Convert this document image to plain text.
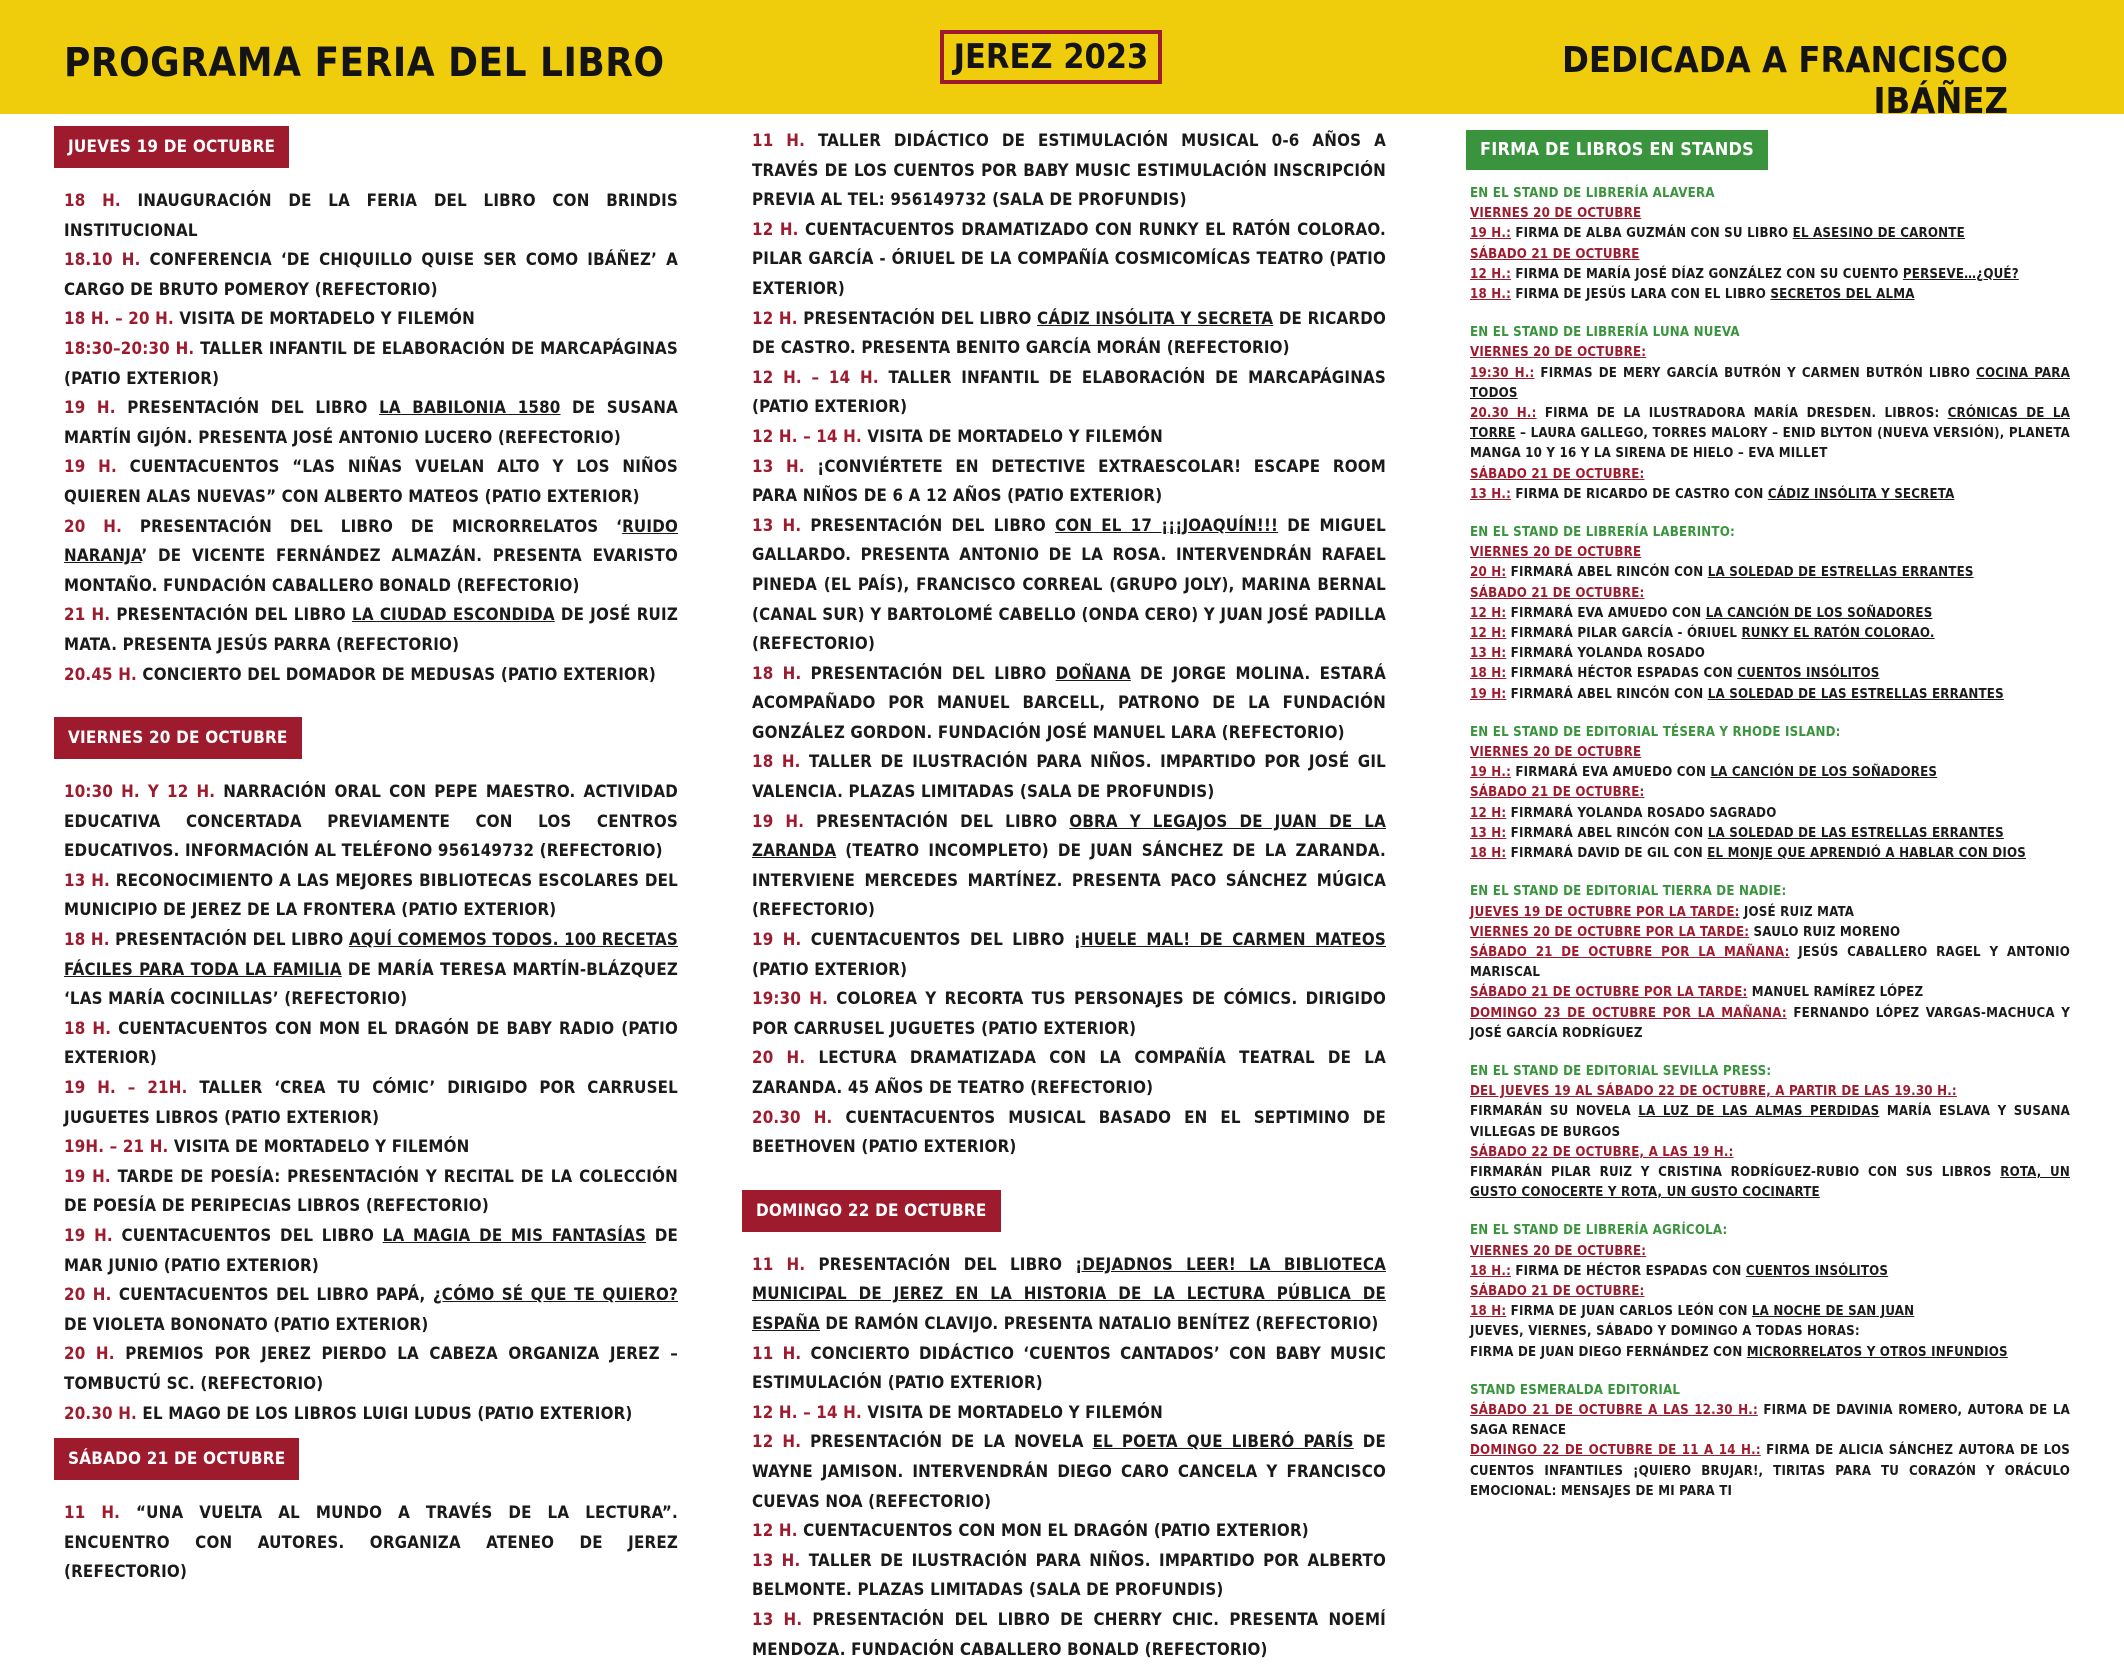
PROGRAMA FERIA DEL LIBRO	JEREZ 2023	DEDICADA A FRANCISCO IBÁÑEZ
JUEVES 19 DE OCTUBRE
18 H. INAUGURACIÓN DE LA FERIA DEL LIBRO CON BRINDIS INSTITUCIONAL
18.10 H. CONFERENCIA ‘DE CHIQUILLO QUISE SER COMO IBÁÑEZ’ A CARGO DE BRUTO POMEROY (REFECTORIO)
18 H. – 20 H. VISITA DE MORTADELO Y FILEMÓN
18:30–20:30 H. TALLER INFANTIL DE ELABORACIÓN DE MARCAPÁGINAS (PATIO EXTERIOR)
19 H. PRESENTACIÓN DEL LIBRO LA BABILONIA 1580 DE SUSANA MARTÍN GIJÓN. PRESENTA JOSÉ ANTONIO LUCERO (REFECTORIO)
19 H. CUENTACUENTOS “LAS NIÑAS VUELAN ALTO Y LOS NIÑOS QUIEREN ALAS NUEVAS” CON ALBERTO MATEOS (PATIO EXTERIOR)
20 H. PRESENTACIÓN DEL LIBRO DE MICRORRELATOS ‘RUIDO NARANJA’ DE VICENTE FERNÁNDEZ ALMAZÁN. PRESENTA EVARISTO MONTAÑO. FUNDACIÓN CABALLERO BONALD (REFECTORIO)
21 H. PRESENTACIÓN DEL LIBRO LA CIUDAD ESCONDIDA DE JOSÉ RUIZ MATA. PRESENTA JESÚS PARRA (REFECTORIO)
20.45 H. CONCIERTO DEL DOMADOR DE MEDUSAS (PATIO EXTERIOR)
VIERNES 20 DE OCTUBRE
10:30 H. Y 12 H. NARRACIÓN ORAL CON PEPE MAESTRO. ACTIVIDAD EDUCATIVA CONCERTADA PREVIAMENTE CON LOS CENTROS EDUCATIVOS. INFORMACIÓN AL TELÉFONO 956149732 (REFECTORIO)
13 H. RECONOCIMIENTO A LAS MEJORES BIBLIOTECAS ESCOLARES DEL MUNICIPIO DE JEREZ DE LA FRONTERA (PATIO EXTERIOR)
18 H. PRESENTACIÓN DEL LIBRO AQUÍ COMEMOS TODOS. 100 RECETAS FÁCILES PARA TODA LA FAMILIA DE MARÍA TERESA MARTÍN-BLÁZQUEZ ‘LAS MARÍA COCINILLAS’ (REFECTORIO)
18 H. CUENTACUENTOS CON MON EL DRAGÓN DE BABY RADIO (PATIO EXTERIOR)
19 H. – 21H. TALLER ‘CREA TU CÓMIC’ DIRIGIDO POR CARRUSEL JUGUETES LIBROS (PATIO EXTERIOR)
19H. – 21 H. VISITA DE MORTADELO Y FILEMÓN
19 H. TARDE DE POESÍA: PRESENTACIÓN Y RECITAL DE LA COLECCIÓN DE POESÍA DE PERIPECIAS LIBROS (REFECTORIO)
19 H. CUENTACUENTOS DEL LIBRO LA MAGIA DE MIS FANTASÍAS DE MAR JUNIO (PATIO EXTERIOR)
20 H. CUENTACUENTOS DEL LIBRO PAPÁ, ¿CÓMO SÉ QUE TE QUIERO? DE VIOLETA BONONATO (PATIO EXTERIOR)
20 H. PREMIOS POR JEREZ PIERDO LA CABEZA ORGANIZA JEREZ – TOMBUCTÚ SC. (REFECTORIO)
20.30 H. EL MAGO DE LOS LIBROS LUIGI LUDUS (PATIO EXTERIOR)
SÁBADO 21 DE OCTUBRE
11 H. “UNA VUELTA AL MUNDO A TRAVÉS DE LA LECTURA”. ENCUENTRO CON AUTORES. ORGANIZA ATENEO DE JEREZ (REFECTORIO)
11 H. TALLER DIDÁCTICO DE ESTIMULACIÓN MUSICAL 0-6 AÑOS A TRAVÉS DE LOS CUENTOS POR BABY MUSIC ESTIMULACIÓN INSCRIPCIÓN PREVIA AL TEL: 956149732 (SALA DE PROFUNDIS)
12 H. CUENTACUENTOS DRAMATIZADO CON RUNKY EL RATÓN COLORAO. PILAR GARCÍA - ÓRIUEL DE LA COMPAÑÍA COSMICOMÍCAS TEATRO (PATIO EXTERIOR)
12 H. PRESENTACIÓN DEL LIBRO CÁDIZ INSÓLITA Y SECRETA DE RICARDO DE CASTRO. PRESENTA BENITO GARCÍA MORÁN (REFECTORIO)
12 H. – 14 H. TALLER INFANTIL DE ELABORACIÓN DE MARCAPÁGINAS (PATIO EXTERIOR)
12 H. – 14 H. VISITA DE MORTADELO Y FILEMÓN
13 H. ¡CONVIÉRTETE EN DETECTIVE EXTRAESCOLAR! ESCAPE ROOM PARA NIÑOS DE 6 A 12 AÑOS (PATIO EXTERIOR)
13 H. PRESENTACIÓN DEL LIBRO CON EL 17 ¡¡¡JOAQUÍN!!! DE MIGUEL GALLARDO. PRESENTA ANTONIO DE LA ROSA. INTERVENDRÁN RAFAEL PINEDA (EL PAÍS), FRANCISCO CORREAL (GRUPO JOLY), MARINA BERNAL (CANAL SUR) Y BARTOLOMÉ CABELLO (ONDA CERO) Y JUAN JOSÉ PADILLA (REFECTORIO)
18 H. PRESENTACIÓN DEL LIBRO DOÑANA DE JORGE MOLINA. ESTARÁ ACOMPAÑADO POR MANUEL BARCELL, PATRONO DE LA FUNDACIÓN GONZÁLEZ GORDON. FUNDACIÓN JOSÉ MANUEL LARA (REFECTORIO)
18 H. TALLER DE ILUSTRACIÓN PARA NIÑOS. IMPARTIDO POR JOSÉ GIL VALENCIA. PLAZAS LIMITADAS (SALA DE PROFUNDIS)
19 H. PRESENTACIÓN DEL LIBRO OBRA Y LEGAJOS DE JUAN DE LA ZARANDA (TEATRO INCOMPLETO) DE JUAN SÁNCHEZ DE LA ZARANDA. INTERVIENE MERCEDES MARTÍNEZ. PRESENTA PACO SÁNCHEZ MÚGICA (REFECTORIO)
19 H. CUENTACUENTOS DEL LIBRO ¡HUELE MAL! DE CARMEN MATEOS (PATIO EXTERIOR)
19:30 H. COLOREA Y RECORTA TUS PERSONAJES DE CÓMICS. DIRIGIDO POR CARRUSEL JUGUETES (PATIO EXTERIOR)
20 H. LECTURA DRAMATIZADA CON LA COMPAÑÍA TEATRAL DE LA ZARANDA. 45 AÑOS DE TEATRO (REFECTORIO)
20.30 H. CUENTACUENTOS MUSICAL BASADO EN EL SEPTIMINO DE BEETHOVEN (PATIO EXTERIOR)
DOMINGO 22 DE OCTUBRE
11 H. PRESENTACIÓN DEL LIBRO ¡DEJADNOS LEER! LA BIBLIOTECA MUNICIPAL DE JEREZ EN LA HISTORIA DE LA LECTURA PÚBLICA DE ESPAÑA DE RAMÓN CLAVIJO. PRESENTA NATALIO BENÍTEZ (REFECTORIO)
11 H. CONCIERTO DIDÁCTICO ‘CUENTOS CANTADOS’ CON BABY MUSIC ESTIMULACIÓN (PATIO EXTERIOR)
12 H. – 14 H. VISITA DE MORTADELO Y FILEMÓN
12 H. PRESENTACIÓN DE LA NOVELA EL POETA QUE LIBERÓ PARÍS DE WAYNE JAMISON. INTERVENDRÁN DIEGO CARO CANCELA Y FRANCISCO CUEVAS NOA (REFECTORIO)
12 H. CUENTACUENTOS CON MON EL DRAGÓN (PATIO EXTERIOR)
13 H. TALLER DE ILUSTRACIÓN PARA NIÑOS. IMPARTIDO POR ALBERTO BELMONTE. PLAZAS LIMITADAS (SALA DE PROFUNDIS)
13 H. PRESENTACIÓN DEL LIBRO DE CHERRY CHIC. PRESENTA NOEMÍ MENDOZA. FUNDACIÓN CABALLERO BONALD (REFECTORIO)
FIRMA DE LIBROS EN STANDS
EN EL STAND DE LIBRERÍA ALAVERA
VIERNES 20 DE OCTUBRE
19 H.: FIRMA DE ALBA GUZMÁN CON SU LIBRO EL ASESINO DE CARONTE
SÁBADO 21 DE OCTUBRE
12 H.: FIRMA DE MARÍA JOSÉ DÍAZ GONZÁLEZ CON SU CUENTO PERSEVE…¿QUÉ?
18 H.: FIRMA DE JESÚS LARA CON EL LIBRO SECRETOS DEL ALMA
EN EL STAND DE LIBRERÍA LUNA NUEVA
VIERNES 20 DE OCTUBRE:
19:30 H.: FIRMAS DE MERY GARCÍA BUTRÓN Y CARMEN BUTRÓN LIBRO COCINA PARA TODOS
20.30 H.: FIRMA DE LA ILUSTRADORA MARÍA DRESDEN. LIBROS: CRÓNICAS DE LA TORRE – LAURA GALLEGO, TORRES MALORY – ENID BLYTON (NUEVA VERSIÓN), PLANETA MANGA 10 Y 16 Y LA SIRENA DE HIELO – EVA MILLET
SÁBADO 21 DE OCTUBRE:
13 H.: FIRMA DE RICARDO DE CASTRO CON CÁDIZ INSÓLITA Y SECRETA
EN EL STAND DE LIBRERÍA LABERINTO:
VIERNES 20 DE OCTUBRE
20 H: FIRMARÁ ABEL RINCÓN CON LA SOLEDAD DE ESTRELLAS ERRANTES
SÁBADO 21 DE OCTUBRE:
12 H: FIRMARÁ EVA AMUEDO CON LA CANCIÓN DE LOS SOÑADORES
12 H: FIRMARÁ PILAR GARCÍA - ÓRIUEL RUNKY EL RATÓN COLORAO.
13 H: FIRMARÁ YOLANDA ROSADO
18 H: FIRMARÁ HÉCTOR ESPADAS CON CUENTOS INSÓLITOS
19 H: FIRMARÁ ABEL RINCÓN CON LA SOLEDAD DE LAS ESTRELLAS ERRANTES
EN EL STAND DE EDITORIAL TÉSERA Y RHODE ISLAND:
VIERNES 20 DE OCTUBRE
19 H.: FIRMARÁ EVA AMUEDO CON LA CANCIÓN DE LOS SOÑADORES
SÁBADO 21 DE OCTUBRE:
12 H: FIRMARÁ YOLANDA ROSADO SAGRADO
13 H: FIRMARÁ ABEL RINCÓN CON LA SOLEDAD DE LAS ESTRELLAS ERRANTES
18 H: FIRMARÁ DAVID DE GIL CON EL MONJE QUE APRENDIÓ A HABLAR CON DIOS
EN EL STAND DE EDITORIAL TIERRA DE NADIE:
JUEVES 19 DE OCTUBRE POR LA TARDE: JOSÉ RUIZ MATA
VIERNES 20 DE OCTUBRE POR LA TARDE: SAULO RUIZ MORENO
SÁBADO 21 DE OCTUBRE POR LA MAÑANA: JESÚS CABALLERO RAGEL Y ANTONIO MARISCAL
SÁBADO 21 DE OCTUBRE POR LA TARDE: MANUEL RAMÍREZ LÓPEZ
DOMINGO 23 DE OCTUBRE POR LA MAÑANA: FERNANDO LÓPEZ VARGAS-MACHUCA Y JOSÉ GARCÍA RODRÍGUEZ
EN EL STAND DE EDITORIAL SEVILLA PRESS:
DEL JUEVES 19 AL SÁBADO 22 DE OCTUBRE, A PARTIR DE LAS 19.30 H.:
FIRMARÁN SU NOVELA LA LUZ DE LAS ALMAS PERDIDAS MARÍA ESLAVA Y SUSANA VILLEGAS DE BURGOS
SÁBADO 22 DE OCTUBRE, A LAS 19 H.:
FIRMARÁN PILAR RUIZ Y CRISTINA RODRÍGUEZ-RUBIO CON SUS LIBROS ROTA, UN GUSTO CONOCERTE Y ROTA, UN GUSTO COCINARTE
EN EL STAND DE LIBRERÍA AGRÍCOLA:
VIERNES 20 DE OCTUBRE:
18 H.: FIRMA DE HÉCTOR ESPADAS CON CUENTOS INSÓLITOS
SÁBADO 21 DE OCTUBRE:
18 H: FIRMA DE JUAN CARLOS LEÓN CON LA NOCHE DE SAN JUAN
JUEVES, VIERNES, SÁBADO Y DOMINGO A TODAS HORAS:
FIRMA DE JUAN DIEGO FERNÁNDEZ CON MICRORRELATOS Y OTROS INFUNDIOS
STAND ESMERALDA EDITORIAL
SÁBADO 21 DE OCTUBRE A LAS 12.30 H.: FIRMA DE DAVINIA ROMERO, AUTORA DE LA SAGA RENACE
DOMINGO 22 DE OCTUBRE DE 11 A 14 H.: FIRMA DE ALICIA SÁNCHEZ AUTORA DE LOS CUENTOS INFANTILES ¡QUIERO BRUJAR!, TIRITAS PARA TU CORAZÓN Y ORÁCULO EMOCIONAL: MENSAJES DE MI PARA TI
